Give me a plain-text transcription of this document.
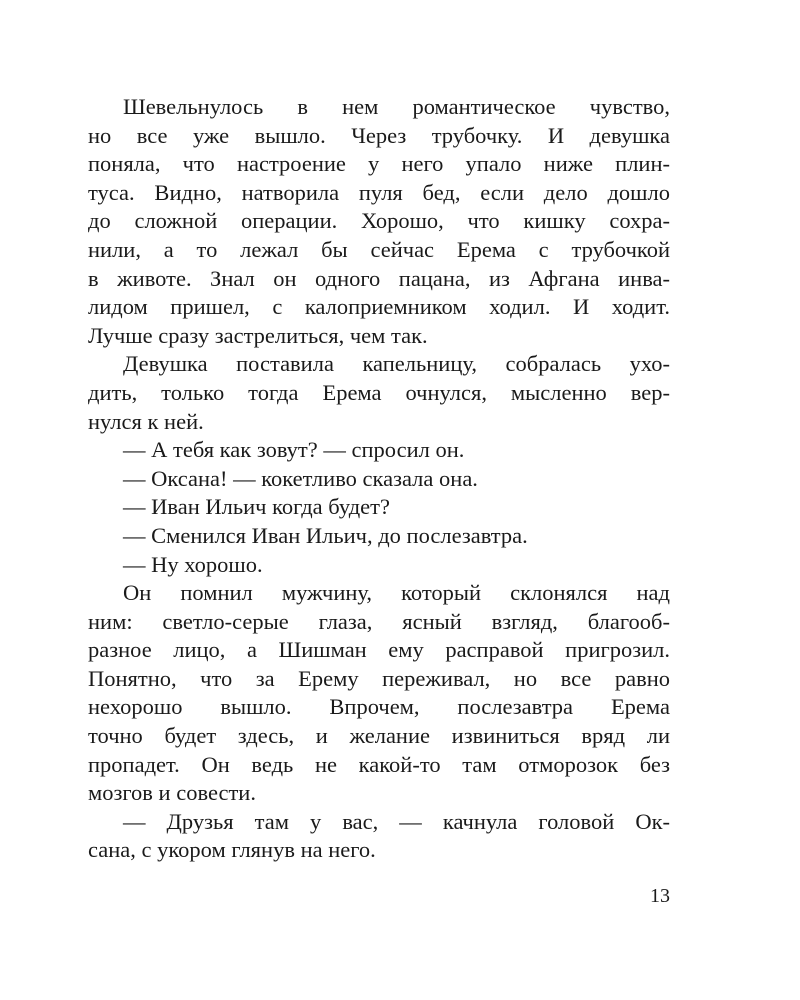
Шевельнулось в нем романтическое чувство,
но все уже вышло. Через трубочку. И девушка
поняла, что настроение у него упало ниже плин-
туса. Видно, натворила пуля бед, если дело дошло
до сложной операции. Хорошо, что кишку сохра-
нили, а то лежал бы сейчас Ерема с трубочкой
в животе. Знал он одного пацана, из Афгана инва-
лидом пришел, с калоприемником ходил. И ходит.
Лучше сразу застрелиться, чем так.
Девушка поставила капельницу, собралась ухо-
дить, только тогда Ерема очнулся, мысленно вер-
нулся к ней.
— А тебя как зовут? — спросил он.
— Оксана! — кокетливо сказала она.
— Иван Ильич когда будет?
— Сменился Иван Ильич, до послезавтра.
— Ну хорошо.
Он помнил мужчину, который склонялся над
ним: светло-серые глаза, ясный взгляд, благооб-
разное лицо, а Шишман ему расправой пригрозил.
Понятно, что за Ерему переживал, но все равно
нехорошо вышло. Впрочем, послезавтра Ерема
точно будет здесь, и желание извиниться вряд ли
пропадет. Он ведь не какой-то там отморозок без
мозгов и совести.
— Друзья там у вас, — качнула головой Ок-
сана, с укором глянув на него.
13
